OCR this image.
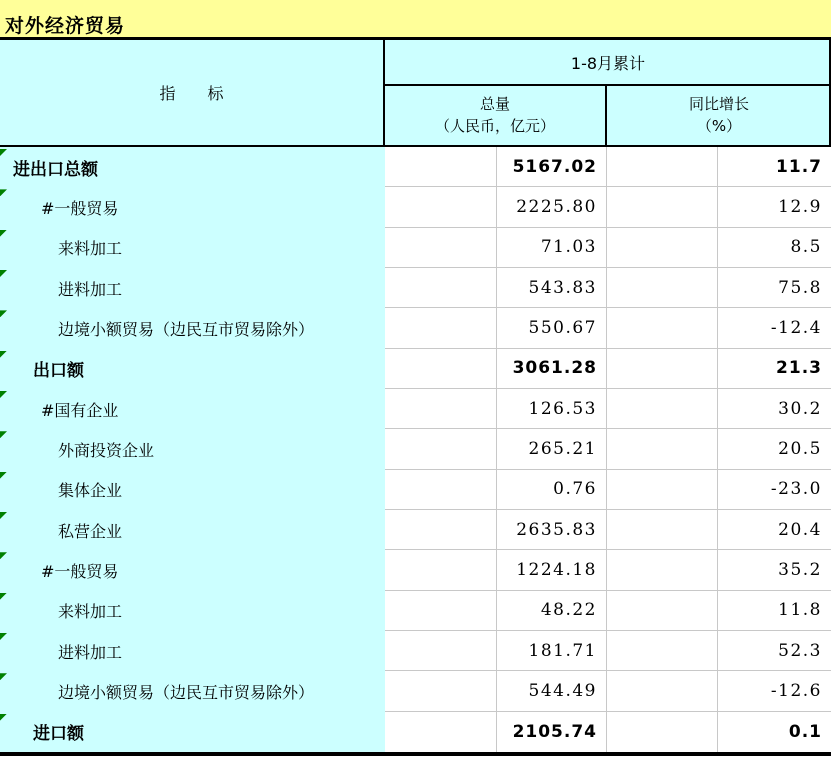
对外经济贸易
指　　标
1-8月累计
总量
（人民币，亿元）
同比增长
（%）
进出口总额	5167.02	11.7
#一般贸易	2225.80	12.9
来料加工	71.03	8.5
进料加工	543.83	75.8
边境小额贸易（边民互市贸易除外）	550.67	-12.4
出口额	3061.28	21.3
#国有企业	126.53	30.2
外商投资企业	265.21	20.5
集体企业	0.76	-23.0
私营企业	2635.83	20.4
#一般贸易	1224.18	35.2
来料加工	48.22	11.8
进料加工	181.71	52.3
边境小额贸易（边民互市贸易除外）	544.49	-12.6
进口额	2105.74	0.1
